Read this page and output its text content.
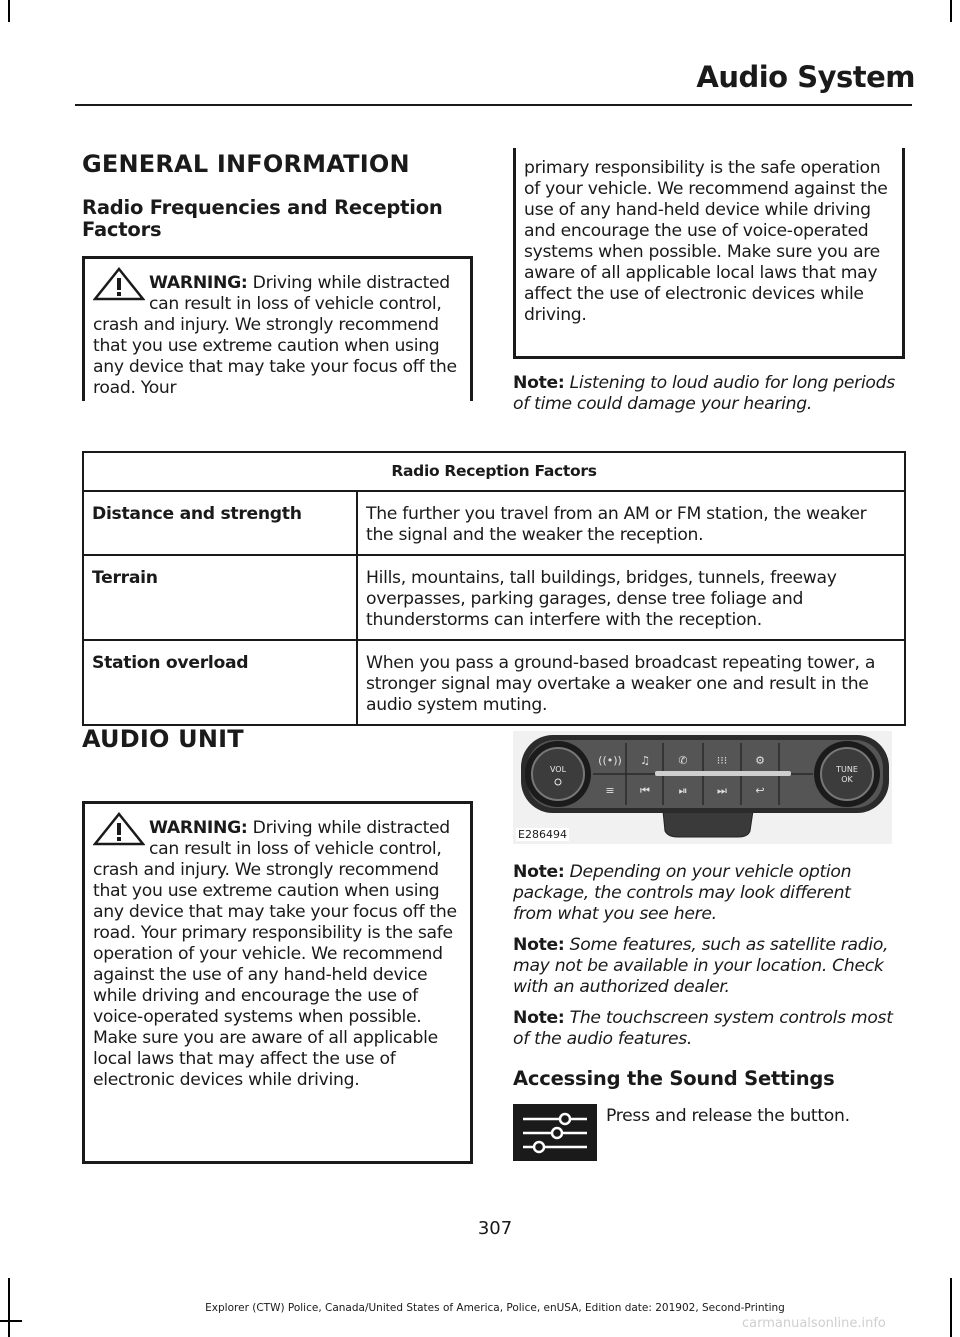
Audio System
GENERAL INFORMATION
Radio Frequencies and Reception Factors
WARNING: Driving while distracted can result in loss of vehicle control, crash and injury. We strongly recommend that you use extreme caution when using any device that may take your focus off the road. Your
primary responsibility is the safe operation of your vehicle. We recommend against the use of any hand-held device while driving and encourage the use of voice-operated systems when possible. Make sure you are aware of all applicable local laws that may affect the use of electronic devices while driving.
Note: Listening to loud audio for long periods of time could damage your hearing.
Radio Reception Factors	
Distance and strength	The further you travel from an AM or FM station, the weaker the signal and the weaker the reception.
Terrain	Hills, mountains, tall buildings, bridges, tunnels, freeway overpasses, parking garages, dense tree foliage and thunderstorms can interfere with the reception.
Station overload	When you pass a ground-based broadcast repeating tower, a stronger signal may overtake a weaker one and result in the audio system muting.
AUDIO UNIT
WARNING: Driving while distracted can result in loss of vehicle control, crash and injury. We strongly recommend that you use extreme caution when using any device that may take your focus off the road. Your primary responsibility is the safe operation of your vehicle. We recommend against the use of any hand-held device while driving and encourage the use of voice-operated systems when possible. Make sure you are aware of all applicable local laws that may affect the use of electronic devices while driving.
VOL	TUNE
OK
((•)) ♫	✆	⁝⁝⁝	⚙
≡ ⏮	⏯	⏭	↩
E286494
Note: Depending on your vehicle option package, the controls may look different from what you see here.
Note: Some features, such as satellite radio, may not be available in your location. Check with an authorized dealer.
Note: The touchscreen system controls most of the audio features.
Accessing the Sound Settings
Press and release the button.
307
Explorer (CTW) Police, Canada/United States of America, Police, enUSA, Edition date: 201902, Second-Printing
carmanualsonline.info
